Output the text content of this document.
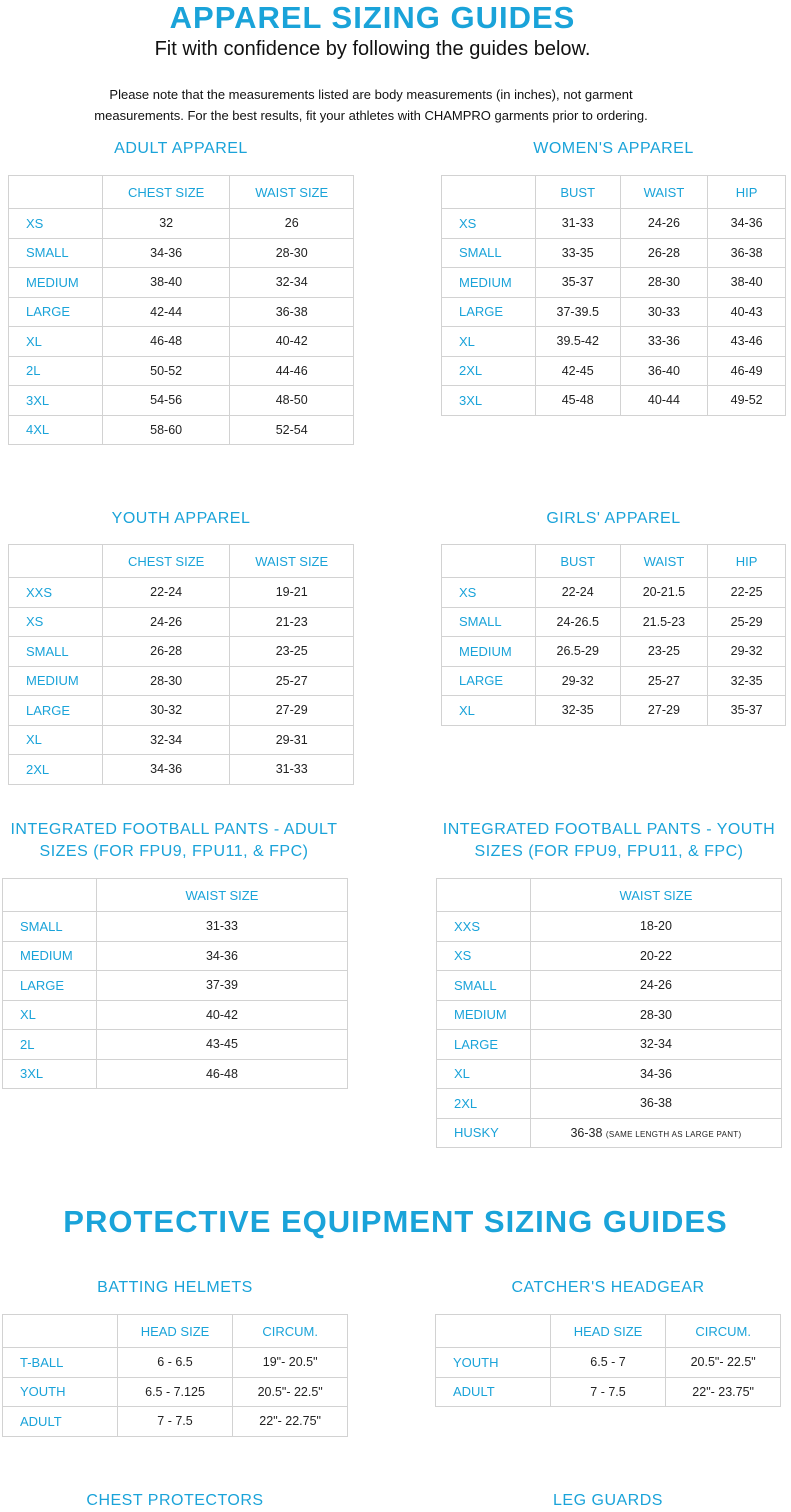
APPAREL SIZING GUIDES
Fit with confidence by following the guides below.
Please note that the measurements listed are body measurements (in inches), not garment
measurements. For the best results, fit your athletes with CHAMPRO garments prior to ordering.
ADULT APPAREL
	CHEST SIZE	WAIST SIZE
XS	32	26
SMALL	34-36	28-30
MEDIUM	38-40	32-34
LARGE	42-44	36-38
XL	46-48	40-42
2L	50-52	44-46
3XL	54-56	48-50
4XL	58-60	52-54
WOMEN'S APPAREL
	BUST	WAIST	HIP
XS	31-33	24-26	34-36
SMALL	33-35	26-28	36-38
MEDIUM	35-37	28-30	38-40
LARGE	37-39.5	30-33	40-43
XL	39.5-42	33-36	43-46
2XL	42-45	36-40	46-49
3XL	45-48	40-44	49-52
YOUTH APPAREL
	CHEST SIZE	WAIST SIZE
XXS	22-24	19-21
XS	24-26	21-23
SMALL	26-28	23-25
MEDIUM	28-30	25-27
LARGE	30-32	27-29
XL	32-34	29-31
2XL	34-36	31-33
GIRLS' APPAREL
	BUST	WAIST	HIP
XS	22-24	20-21.5	22-25
SMALL	24-26.5	21.5-23	25-29
MEDIUM	26.5-29	23-25	29-32
LARGE	29-32	25-27	32-35
XL	32-35	27-29	35-37
INTEGRATED FOOTBALL PANTS - ADULT
SIZES (FOR FPU9, FPU11, & FPC)
	WAIST SIZE
SMALL	31-33
MEDIUM	34-36
LARGE	37-39
XL	40-42
2L	43-45
3XL	46-48
INTEGRATED FOOTBALL PANTS - YOUTH
SIZES (FOR FPU9, FPU11, & FPC)
	WAIST SIZE
XXS	18-20
XS	20-22
SMALL	24-26
MEDIUM	28-30
LARGE	32-34
XL	34-36
2XL	36-38
HUSKY	36-38 (SAME LENGTH AS LARGE PANT)
PROTECTIVE EQUIPMENT SIZING GUIDES
BATTING HELMETS
	HEAD SIZE	CIRCUM.
T-BALL	6 - 6.5	19"- 20.5"
YOUTH	6.5 - 7.125	20.5"- 22.5"
ADULT	7 - 7.5	22"- 22.75"
CATCHER'S HEADGEAR
	HEAD SIZE	CIRCUM.
YOUTH	6.5 - 7	20.5"- 22.5"
ADULT	7 - 7.5	22"- 23.75"
CHEST PROTECTORS	LEG GUARDS
